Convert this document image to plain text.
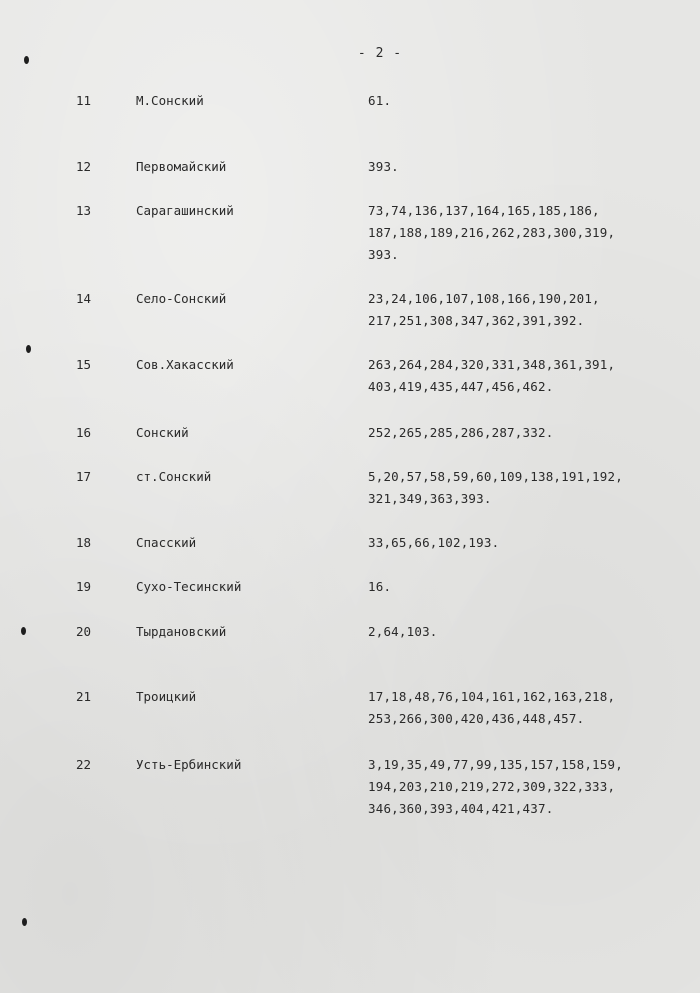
- 2 -
11	М.Сонский	61.
12	Первомайский	393.
13	Сарагашинский	73,74,136,137,164,165,185,186,
187,188,189,216,262,283,300,319,
393.
14	Село-Сонский	23,24,106,107,108,166,190,201,
217,251,308,347,362,391,392.
15	Сов.Хакасский	263,264,284,320,331,348,361,391,
403,419,435,447,456,462.
16	Сонский	252,265,285,286,287,332.
17	ст.Сонский	5,20,57,58,59,60,109,138,191,192,
321,349,363,393.
18	Спасский	33,65,66,102,193.
19	Сухо-Тесинский	16.
20	Тырдановский	2,64,103.
21	Троицкий	17,18,48,76,104,161,162,163,218,
253,266,300,420,436,448,457.
22	Усть-Ербинский	3,19,35,49,77,99,135,157,158,159,
194,203,210,219,272,309,322,333,
346,360,393,404,421,437.
